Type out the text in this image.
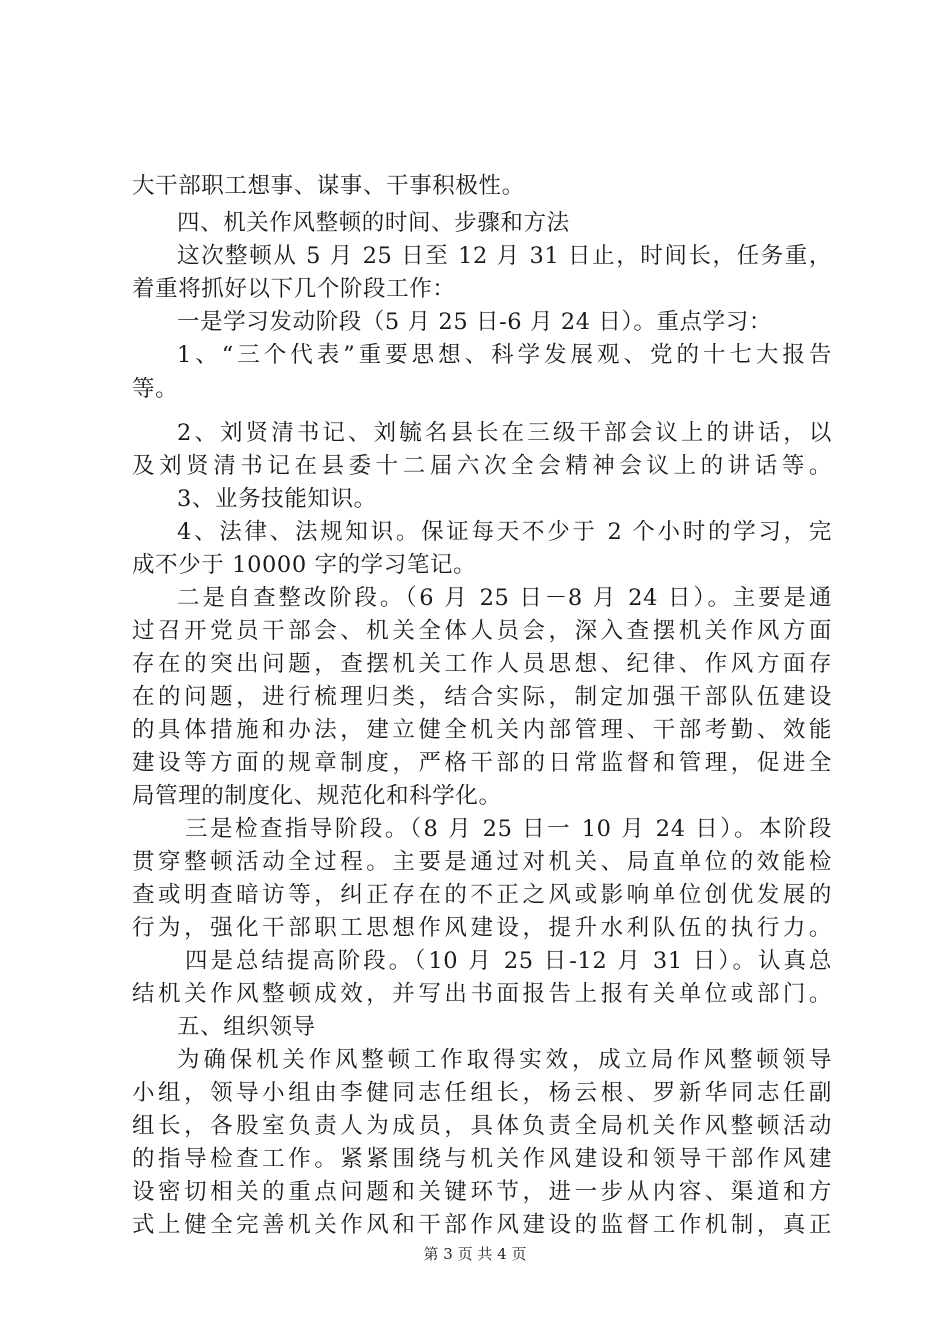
大干部职工想事、谋事、干事积极性。
四、机关作风整顿的时间、步骤和方法
这次整顿从 5 月 25 日至 12 月 31 日止，时间长，任务重，
着重将抓好以下几个阶段工作：
一是学习发动阶段（5 月 25 日-6 月 24 日）。重点学习：
1、“三个代表”重要思想、科学发展观、党的十七大报告
等。
2、刘贤清书记、刘毓名县长在三级干部会议上的讲话，以
及刘贤清书记在县委十二届六次全会精神会议上的讲话等。
3、业务技能知识。
4、法律、法规知识。保证每天不少于 2 个小时的学习，完
成不少于 10000 字的学习笔记。
二是自查整改阶段。（6 月 25 日－8 月 24 日）。主要是通
过召开党员干部会、机关全体人员会，深入查摆机关作风方面
存在的突出问题，查摆机关工作人员思想、纪律、作风方面存
在的问题，进行梳理归类，结合实际，制定加强干部队伍建设
的具体措施和办法，建立健全机关内部管理、干部考勤、效能
建设等方面的规章制度，严格干部的日常监督和管理，促进全
局管理的制度化、规范化和科学化。
三是检查指导阶段。（8 月 25 日一 10 月 24 日）。本阶段
贯穿整顿活动全过程。主要是通过对机关、局直单位的效能检
查或明查暗访等，纠正存在的不正之风或影响单位创优发展的
行为，强化干部职工思想作风建设，提升水利队伍的执行力。
四是总结提高阶段。（10 月 25 日-12 月 31 日）。认真总
结机关作风整顿成效，并写出书面报告上报有关单位或部门。
五、组织领导
为确保机关作风整顿工作取得实效，成立局作风整顿领导
小组，领导小组由李健同志任组长，杨云根、罗新华同志任副
组长，各股室负责人为成员，具体负责全局机关作风整顿活动
的指导检查工作。紧紧围绕与机关作风建设和领导干部作风建
设密切相关的重点问题和关键环节，进一步从内容、渠道和方
式上健全完善机关作风和干部作风建设的监督工作机制，真正
第 3 页 共 4 页
